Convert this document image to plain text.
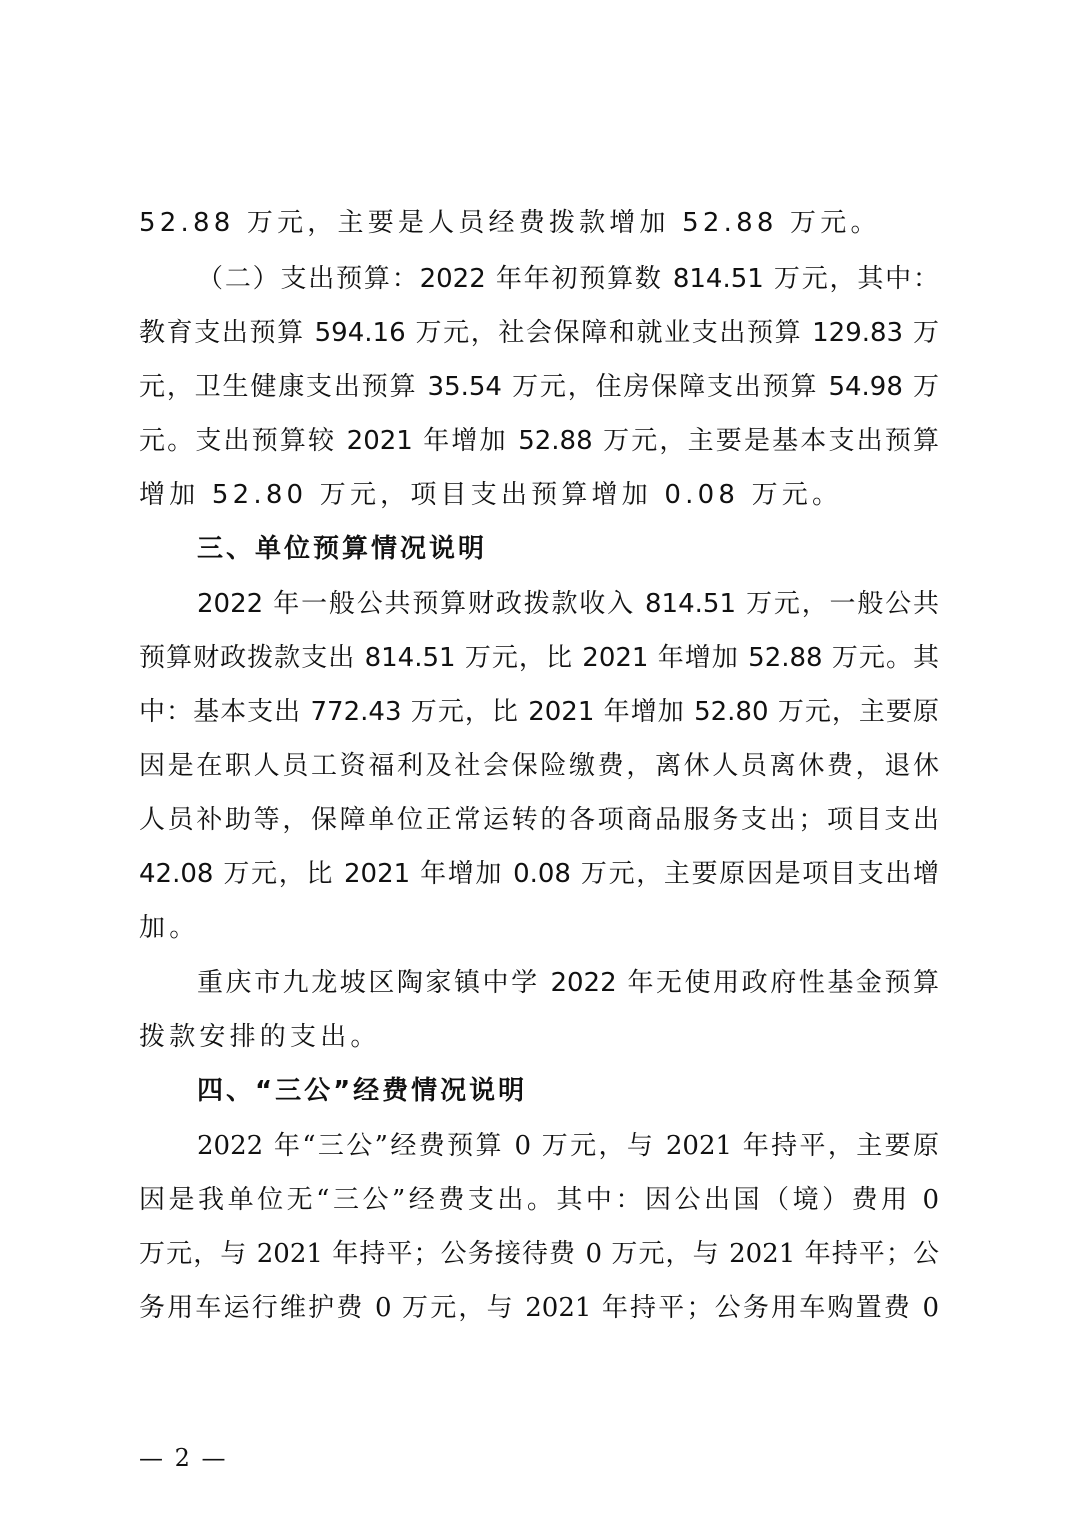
52.88 万元，主要是人员经费拨款增加 52.88 万元。
（二）支出预算：2022 年年初预算数 814.51 万元，其中：
教育支出预算 594.16 万元，社会保障和就业支出预算 129.83 万
元，卫生健康支出预算 35.54 万元，住房保障支出预算 54.98 万
元。支出预算较 2021 年增加 52.88 万元，主要是基本支出预算
增加 52.80 万元，项目支出预算增加 0.08 万元。
三、单位预算情况说明
2022 年一般公共预算财政拨款收入 814.51 万元，一般公共
预算财政拨款支出 814.51 万元，比 2021 年增加 52.88 万元。其
中：基本支出 772.43 万元，比 2021 年增加 52.80 万元，主要原
因是在职人员工资福利及社会保险缴费，离休人员离休费，退休
人员补助等，保障单位正常运转的各项商品服务支出；项目支出
42.08 万元，比 2021 年增加 0.08 万元，主要原因是项目支出增
加。
重庆市九龙坡区陶家镇中学 2022 年无使用政府性基金预算
拨款安排的支出。
四、“三公”经费情况说明
2022 年“三公”经费预算 0 万元，与 2021 年持平，主要原
因是我单位无“三公”经费支出。其中：因公出国（境）费用 0
万元，与 2021 年持平；公务接待费 0 万元，与 2021 年持平；公
务用车运行维护费 0 万元，与 2021 年持平；公务用车购置费 0
— 2 —
